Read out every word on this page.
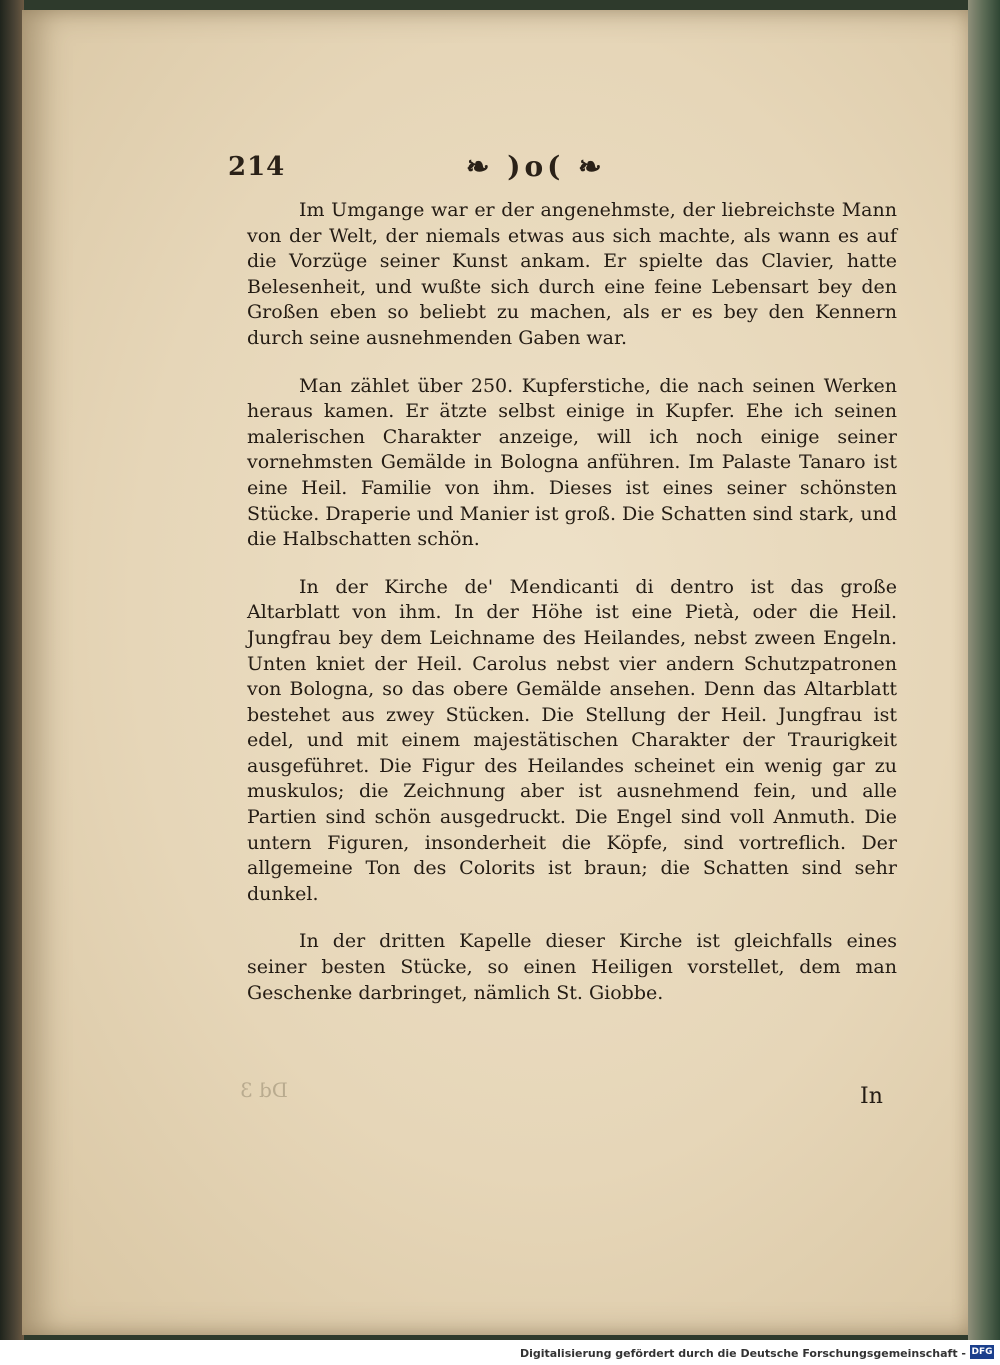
214	❧ )o( ❧

Im Umgange war er der angenehmste, der liebreichste Mann von der Welt, der niemals etwas aus sich machte, als wann es auf die Vorzüge seiner Kunst ankam. Er spielte das Clavier, hatte Belesenheit, und wußte sich durch eine feine Lebensart bey den Großen eben so beliebt zu machen, als er es bey den Kennern durch seine ausnehmenden Gaben war.

Man zählet über 250. Kupferstiche, die nach seinen Werken heraus kamen. Er ätzte selbst einige in Kupfer. Ehe ich seinen malerischen Charakter anzeige, will ich noch einige seiner vornehmsten Gemälde in Bologna anführen. Im Palaste Tanaro ist eine Heil. Familie von ihm. Dieses ist eines seiner schönsten Stücke. Draperie und Manier ist groß. Die Schatten sind stark, und die Halbschatten schön.

In der Kirche de' Mendicanti di dentro ist das große Altarblatt von ihm. In der Höhe ist eine Pietà, oder die Heil. Jungfrau bey dem Leichname des Heilandes, nebst zween Engeln. Unten kniet der Heil. Carolus nebst vier andern Schutzpatronen von Bologna, so das obere Gemälde ansehen. Denn das Altarblatt bestehet aus zwey Stücken. Die Stellung der Heil. Jungfrau ist edel, und mit einem majestätischen Charakter der Traurigkeit ausgeführet. Die Figur des Heilandes scheinet ein wenig gar zu muskulos; die Zeichnung aber ist ausnehmend fein, und alle Partien sind schön ausgedruckt. Die Engel sind voll Anmuth. Die untern Figuren, insonderheit die Köpfe, sind vortreflich. Der allgemeine Ton des Colorits ist braun; die Schatten sind sehr dunkel.

In der dritten Kapelle dieser Kirche ist gleichfalls eines seiner besten Stücke, so einen Heiligen vorstellet, dem man Geschenke darbringet, nämlich St. Giobbe.

Dd 3	In
Digitalisierung gefördert durch die Deutsche Forschungsgemeinschaft - DFG
